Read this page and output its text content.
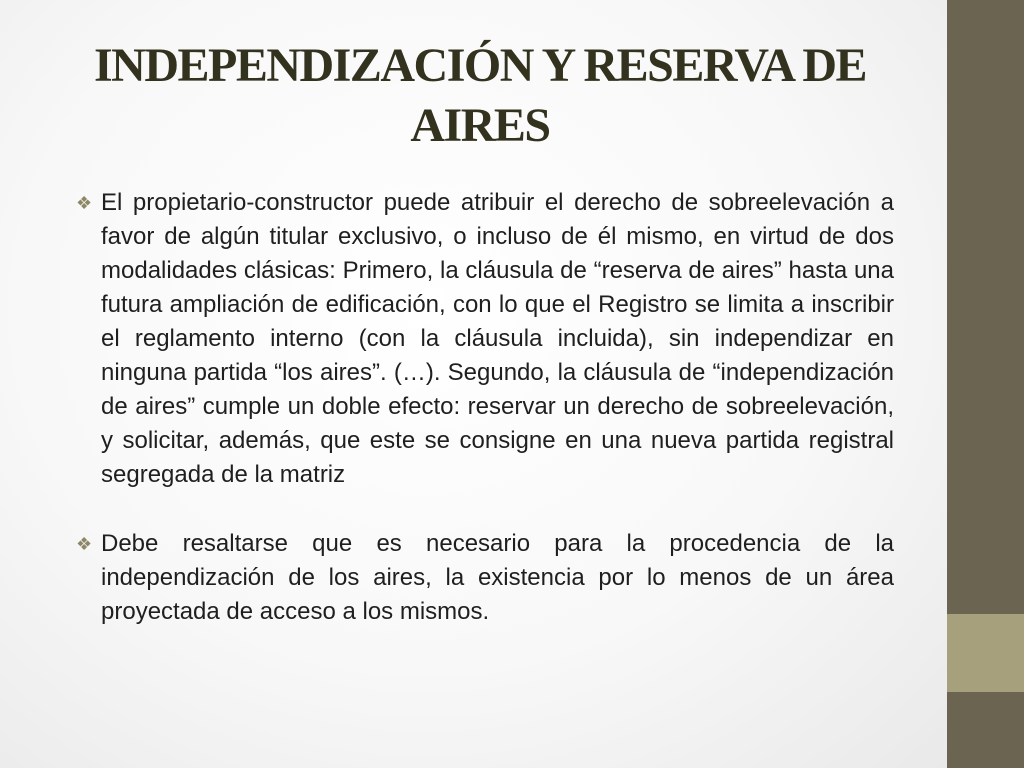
INDEPENDIZACIÓN Y RESERVA DE AIRES
❖ El propietario-constructor puede atribuir el derecho de sobreelevación a favor de algún titular exclusivo, o incluso de él mismo, en virtud de dos modalidades clásicas: Primero, la cláusula de “reserva de aires” hasta una futura ampliación de edificación, con lo que el Registro se limita a inscribir el reglamento interno (con la cláusula incluida), sin independizar en ninguna partida “los aires”. (…). Segundo, la cláusula de “independización de aires” cumple un doble efecto: reservar un derecho de sobreelevación, y solicitar, además, que este se consigne en una nueva partida registral segregada de la matriz

❖ Debe resaltarse que es necesario para la procedencia de la independización de los aires, la existencia por lo menos de un área proyectada de acceso a los mismos.
